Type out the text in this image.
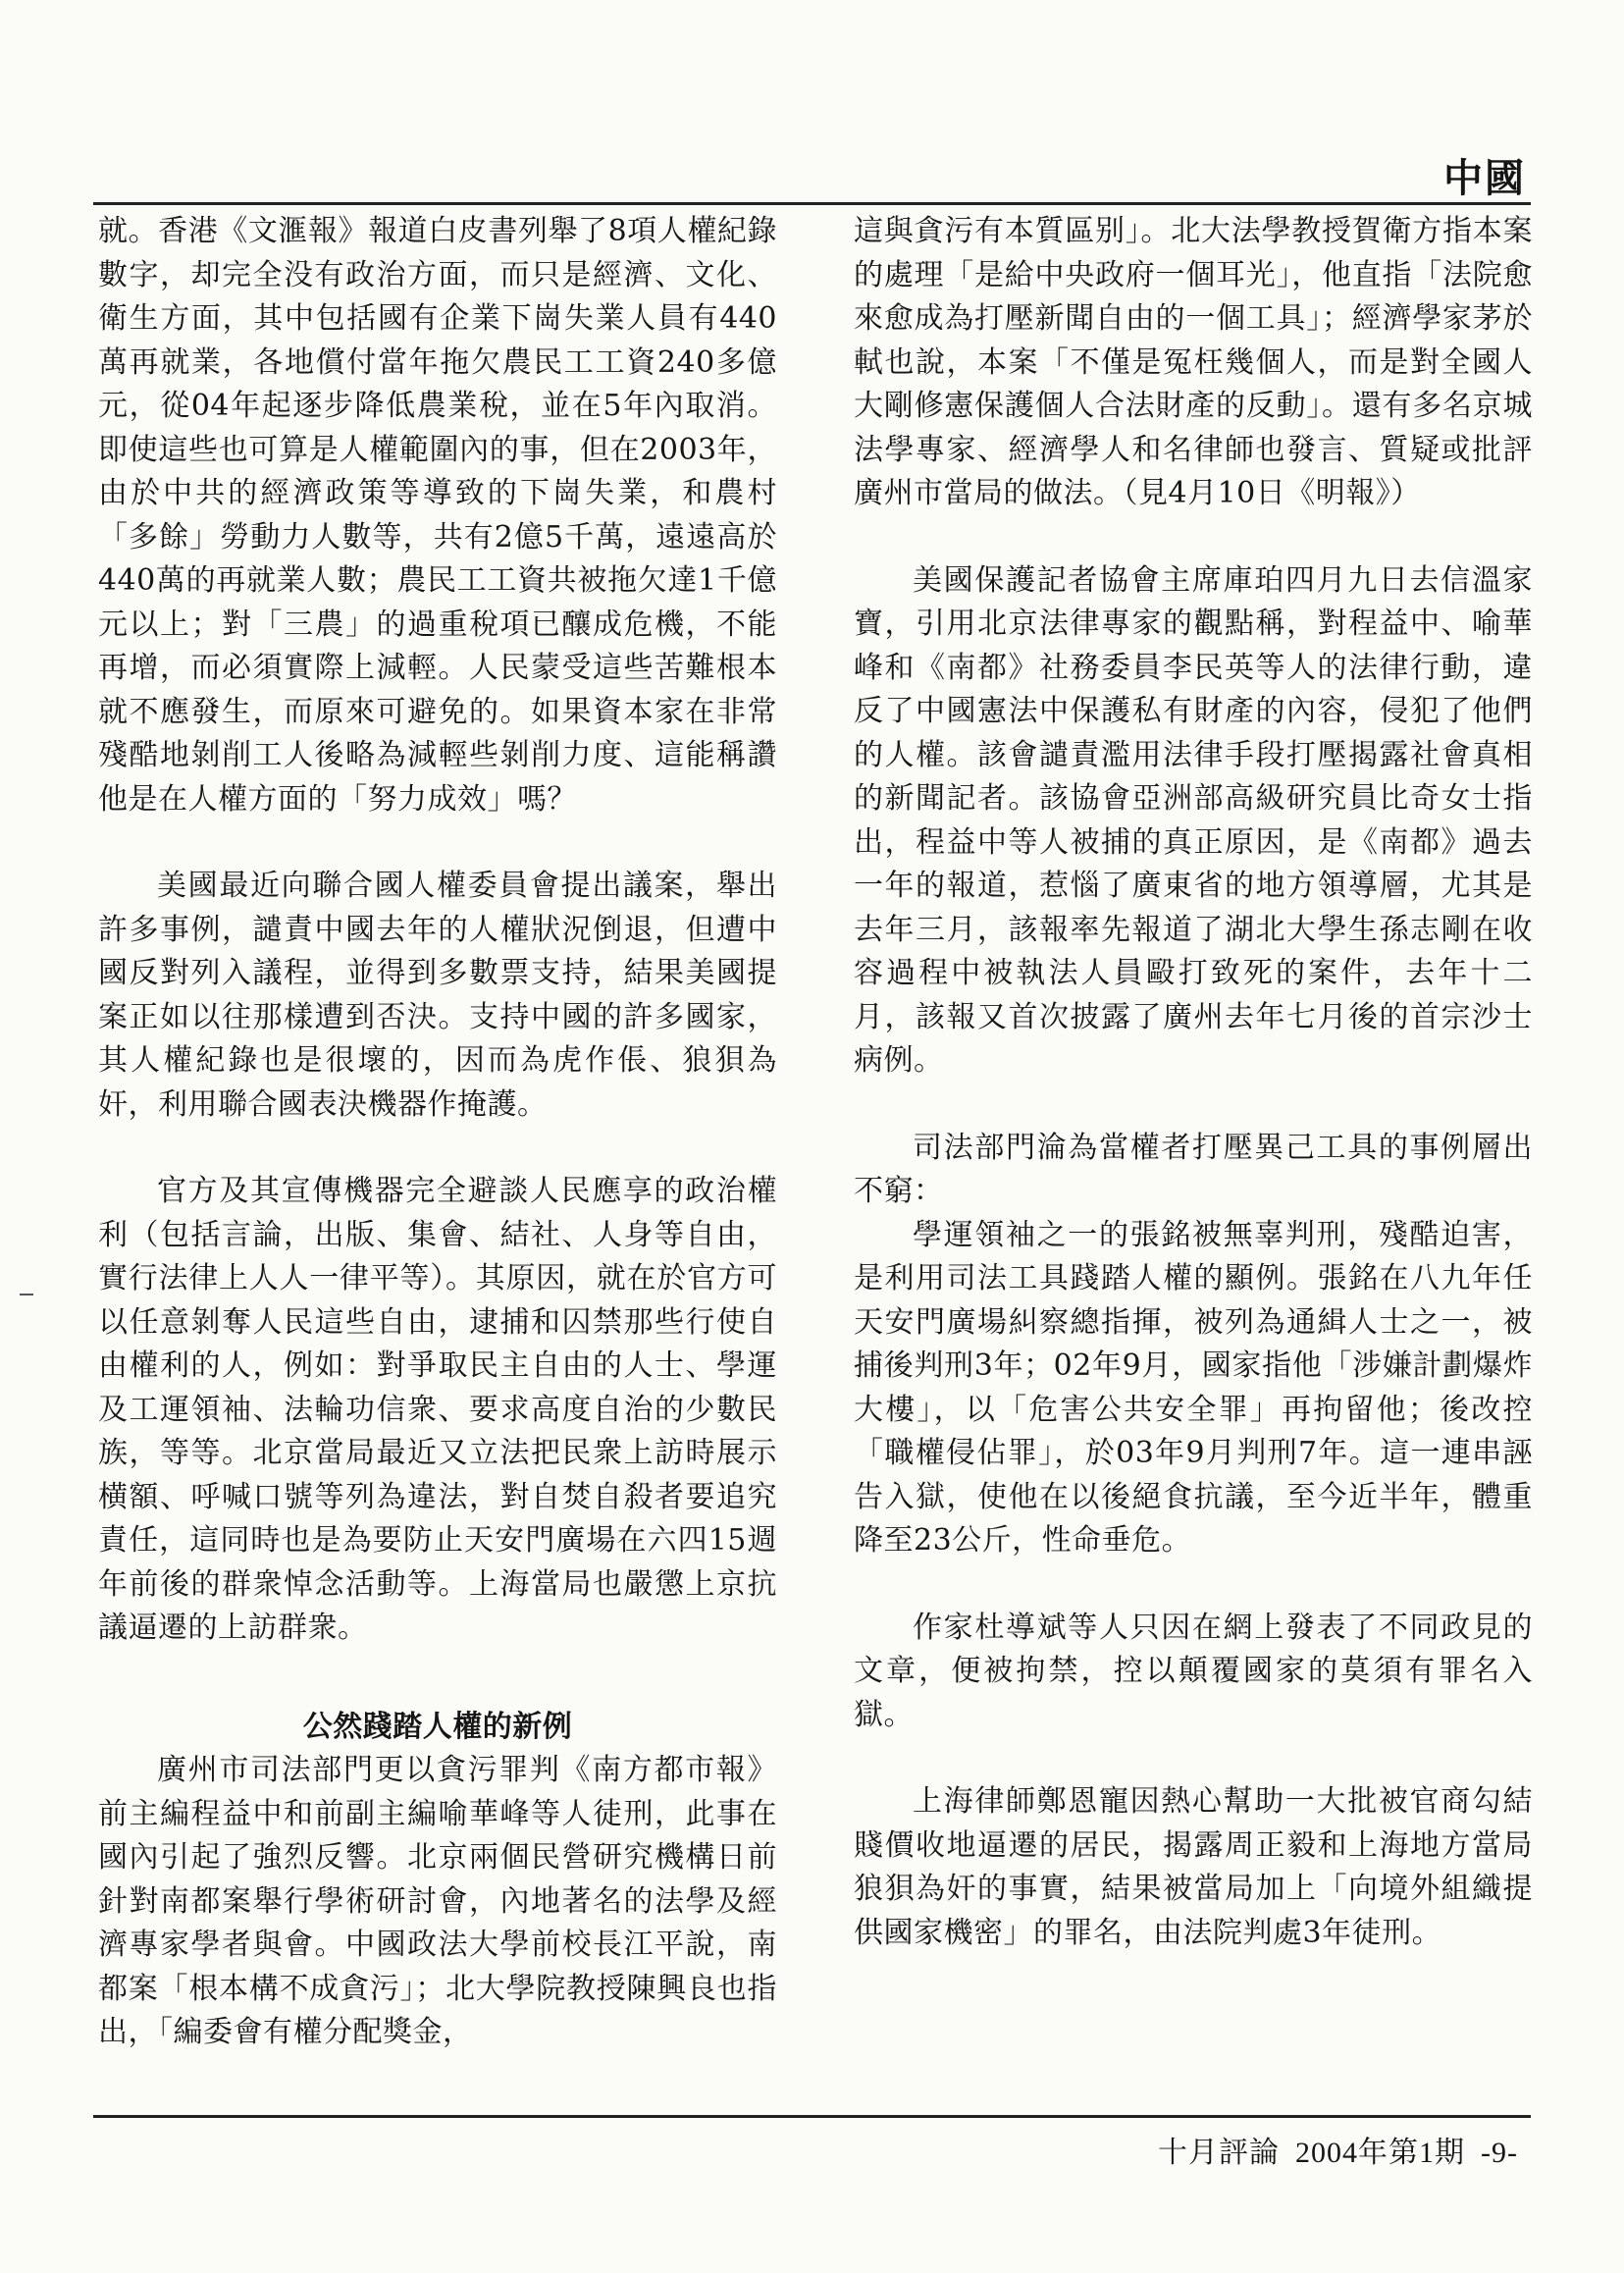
中國

就。香港《文滙報》報道白皮書列舉了8項人權紀錄數字，却完全没有政治方面，而只是經濟、文化、衛生方面，其中包括國有企業下崗失業人員有440萬再就業，各地償付當年拖欠農民工工資240多億元，從04年起逐步降低農業稅，並在5年內取消。即使這些也可算是人權範圍內的事，但在2003年，由於中共的經濟政策等導致的下崗失業，和農村「多餘」勞動力人數等，共有2億5千萬，遠遠高於440萬的再就業人數；農民工工資共被拖欠達1千億元以上；對「三農」的過重稅項已釀成危機，不能再增，而必須實際上減輕。人民蒙受這些苦難根本就不應發生，而原來可避免的。如果資本家在非常殘酷地剝削工人後略為減輕些剝削力度、這能稱讚他是在人權方面的「努力成效」嗎？

美國最近向聯合國人權委員會提出議案，舉出許多事例，譴責中國去年的人權狀況倒退，但遭中國反對列入議程，並得到多數票支持，結果美國提案正如以往那樣遭到否決。支持中國的許多國家，其人權紀錄也是很壞的，因而為虎作倀、狼狽為奸，利用聯合國表決機器作掩護。

官方及其宣傳機器完全避談人民應享的政治權利（包括言論，出版、集會、結社、人身等自由，實行法律上人人一律平等）。其原因，就在於官方可以任意剝奪人民這些自由，逮捕和囚禁那些行使自由權利的人，例如：對爭取民主自由的人士、學運及工運領袖、法輪功信衆、要求高度自治的少數民族，等等。北京當局最近又立法把民衆上訪時展示横額、呼喊口號等列為違法，對自焚自殺者要追究責任，這同時也是為要防止天安門廣場在六四15週年前後的群衆悼念活動等。上海當局也嚴懲上京抗議逼遷的上訪群衆。

公然踐踏人權的新例

廣州市司法部門更以貪污罪判《南方都市報》前主編程益中和前副主編喻華峰等人徒刑，此事在國內引起了強烈反響。北京兩個民營研究機構日前針對南都案舉行學術研討會，內地著名的法學及經濟專家學者與會。中國政法大學前校長江平說，南都案「根本構不成貪污」；北大學院教授陳興良也指出，「編委會有權分配獎金，

這與貪污有本質區别」。北大法學教授賀衛方指本案的處理「是給中央政府一個耳光」，他直指「法院愈來愈成為打壓新聞自由的一個工具」；經濟學家茅於軾也說，本案「不僅是冤枉幾個人，而是對全國人大剛修憲保護個人合法財產的反動」。還有多名京城法學專家、經濟學人和名律師也發言、質疑或批評廣州市當局的做法。（見4月10日《明報》）

美國保護記者協會主席庫珀四月九日去信溫家寶，引用北京法律專家的觀點稱，對程益中、喻華峰和《南都》社務委員李民英等人的法律行動，違反了中國憲法中保護私有財產的內容，侵犯了他們的人權。該會譴責濫用法律手段打壓揭露社會真相的新聞記者。該協會亞洲部高級研究員比奇女士指出，程益中等人被捕的真正原因，是《南都》過去一年的報道，惹惱了廣東省的地方領導層，尤其是去年三月，該報率先報道了湖北大學生孫志剛在收容過程中被執法人員毆打致死的案件，去年十二月，該報又首次披露了廣州去年七月後的首宗沙士病例。

司法部門淪為當權者打壓異己工具的事例層出不窮：

學運領袖之一的張銘被無辜判刑，殘酷迫害，是利用司法工具踐踏人權的顯例。張銘在八九年任天安門廣場糾察總指揮，被列為通緝人士之一，被捕後判刑3年；02年9月，國家指他「涉嫌計劃爆炸大樓」，以「危害公共安全罪」再拘留他；後改控「職權侵佔罪」，於03年9月判刑7年。這一連串誣告入獄，使他在以後絕食抗議，至今近半年，體重降至23公斤，性命垂危。

作家杜導斌等人只因在網上發表了不同政見的文章，便被拘禁，控以顛覆國家的莫須有罪名入獄。

上海律師鄭恩寵因熱心幫助一大批被官商勾結賤價收地逼遷的居民，揭露周正毅和上海地方當局狼狽為奸的事實，結果被當局加上「向境外組織提供國家機密」的罪名，由法院判處3年徒刑。

十月評論 2004年第1期 -9-
